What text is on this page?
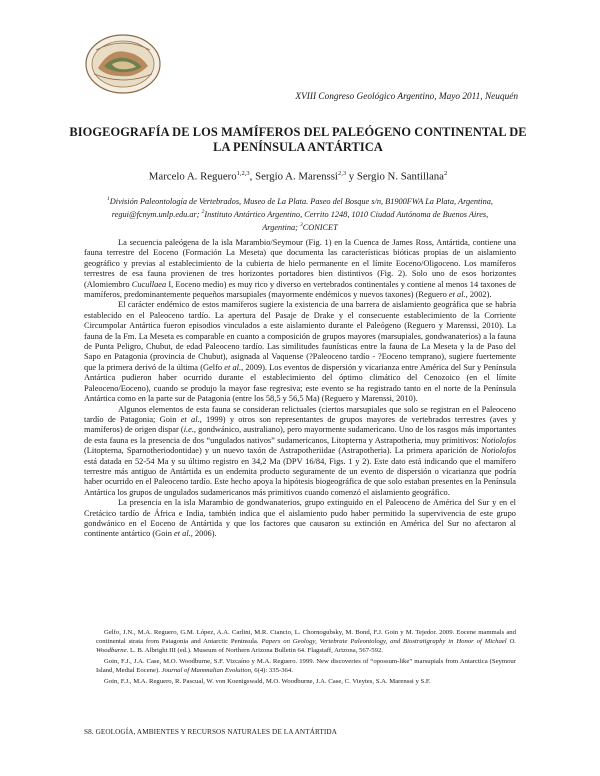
XVIII Congreso Geológico Argentino, Mayo 2011, Neuquén
BIOGEOGRAFÍA DE LOS MAMÍFEROS DEL PALEÓGENO CONTINENTAL DE
LA PENÍNSULA ANTÁRTICA
Marcelo A. Reguero$^{1,2,3}$, Sergio A. Marenssi$^{2,3}$ y Sergio N. Santillana$^2$
$^1$División Paleontología de Vertebrados, Museo de La Plata. Paseo del Bosque s/n, B1900FWA La Plata, Argentina,
regui@fcnym.unlp.edu.ar; $^2$Instituto Antártico Argentino, Cerrito 1248, 1010 Ciudad Autónoma de Buenos Aires,
Argentina; $^3$CONICET

La secuencia paleógena de la isla Marambio/Seymour (Fig. 1) en la Cuenca de James Ross, Antártida, contiene una fauna terrestre del Eoceno (Formación La Meseta) que documenta las características bióticas propias de un aislamiento geográfico y previas al establecimiento de la cubierta de hielo permanente en el límite Eoceno/Oligoceno. Los mamíferos terrestres de esa fauna provienen de tres horizontes portadores bien distintivos (Fig. 2). Solo uno de esos horizontes (Alomiembro Cucullaea I, Eoceno medio) es muy rico y diverso en vertebrados continentales y contiene al menos 14 taxones de mamíferos, predominantemente pequeños marsupiales (mayormente endémicos y nuevos taxones) (Reguero et al., 2002).

El carácter endémico de estos mamíferos sugiere la existencia de una barrera de aislamiento geográfica que se habría establecido en el Paleoceno tardío. La apertura del Pasaje de Drake y el consecuente establecimiento de la Corriente Circumpolar Antártica fueron episodios vinculados a este aislamiento durante el Paleógeno (Reguero y Marenssi, 2010). La fauna de la Fm. La Meseta es comparable en cuanto a composición de grupos mayores (marsupiales, gondwanaterios) a la fauna de Punta Peligro, Chubut, de edad Paleoceno tardío. Las similitudes faunísticas entre la fauna de La Meseta y la de Paso del Sapo en Patagonia (provincia de Chubut), asignada al Vaquense (?Paleoceno tardío - ?Eoceno temprano), sugiere fuertemente que la primera derivó de la última (Gelfo et al., 2009). Los eventos de dispersión y vicarianza entre América del Sur y Península Antártica pudieron haber ocurrido durante el establecimiento del óptimo climático del Cenozoico (en el límite Paleoceno/Eoceno), cuando se produjo la mayor fase regresiva; este evento se ha registrado tanto en el norte de la Península Antártica como en la parte sur de Patagonia (entre los 58,5 y 56,5 Ma) (Reguero y Marenssi, 2010).

Algunos elementos de esta fauna se consideran relictuales (ciertos marsupiales que solo se registran en el Paleoceno tardío de Patagonia; Goin et al., 1999) y otros son representantes de grupos mayores de vertebrados terrestres (aves y mamíferos) de origen dispar (i.e., gondwánico, australiano), pero mayormente sudamericano. Uno de los rasgos más importantes de esta fauna es la presencia de dos “ungulados nativos” sudamericanos, Litopterna y Astrapotheria, muy primitivos: Notiolofos (Litopterna, Sparnotheriodontidae) y un nuevo taxón de Astrapotheriidae (Astrapotheria). La primera aparición de Notiolofos está datada en 52-54 Ma y su último registro en 34,2 Ma (DPV 16/84, Figs. 1 y 2). Este dato está indicando que el mamífero terrestre más antiguo de Antártida es un endemita producto seguramente de un evento de dispersión o vicarianza que podría haber ocurrido en el Paleoceno tardío. Este hecho apoya la hipótesis biogeográfica de que solo estaban presentes en la Península Antártica los grupos de ungulados sudamericanos más primitivos cuando comenzó el aislamiento geográfico.

La presencia en la isla Marambio de gondwanaterios, grupo extinguido en el Paleoceno de América del Sur y en el Cretácico tardío de África e India, también indica que el aislamiento pudo haber permitido la supervivencia de este grupo gondwánico en el Eoceno de Antártida y que los factores que causaron su extinción en América del Sur no afectaron al continente antártico (Goin et al., 2006).

Gelfo, J.N., M.A. Reguero, G.M. López, A.A. Carlini, M.R. Ciancio, L. Chornogubsky, M. Bond, F.J. Goin y M. Tejedor. 2009. Eocene mammals and continental strata from Patagonia and Antarctic Peninsula. Papers on Geology, Vertebrate Paleontology, and Biostratigraphy in Honor of Michael O. Woodburne. L. B. Albright III (ed.). Museum of Northern Arizona Bulletin 64. Flagstaff, Arizona, 567-592.

Goin, F.J., J.A. Case, M.O. Woodburne, S.F. Vizcaíno y M.A. Reguero. 1999. New discoveries of “opossum-like” marsupials from Antarctica (Seymour Island, Medial Eocene). Journal of Mammalian Evolution, 6(4): 335-364.

Goin, F.J., M.A. Reguero, R. Pascual, W. von Koenigswald, M.O. Woodburne, J.A. Case, C. Vieytes, S.A. Marenssi y S.F.

S8. GEOLOGÍA, AMBIENTES Y RECURSOS NATURALES DE LA ANTÁRTIDA
